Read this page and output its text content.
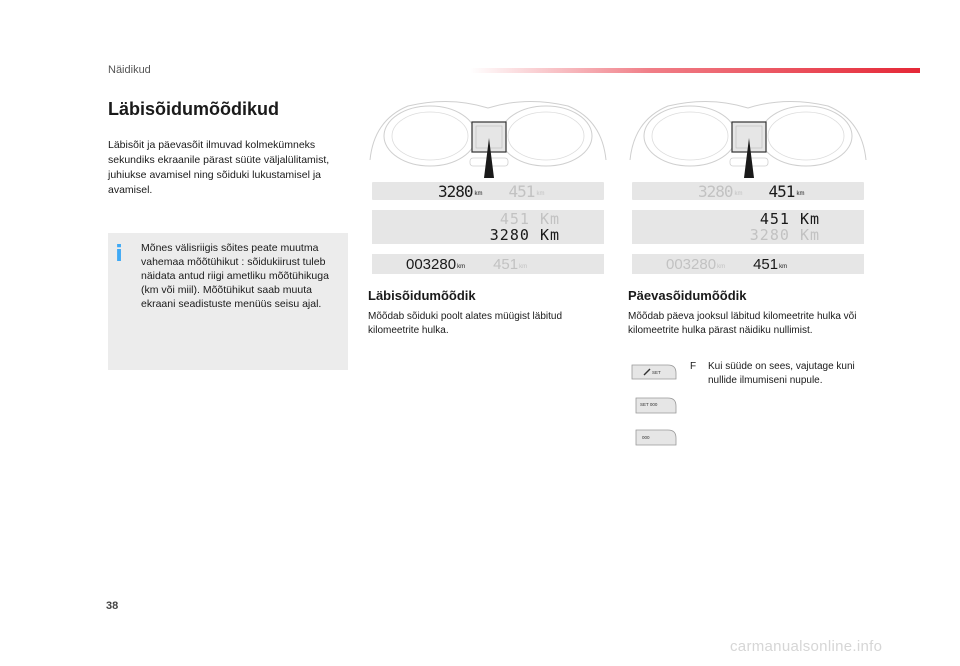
Näidikud
Läbisõidumõõdikud
Läbisõit ja päevasõit ilmuvad kolmekümneks sekundiks ekraanile pärast süüte väljalülitamist, juhiukse avamisel ning sõiduki lukustamisel ja avamisel.
i Mõnes välisriigis sõites peate muutma vahemaa mõõtühikut : sõidukiirust tuleb näidata antud riigi ametliku mõõtühikuga (km või miil). Mõõtühikut saab muuta ekraani seadistuste menüüs seisu ajal.
3280 km 451 km
451 Km
3280 Km
003280 km 451 km
Läbisõidumõõdik
Mõõdab sõiduki poolt alates müügist läbitud kilomeetrite hulka.
3280 km 451 km
451 Km
3280 Km
003280 km 451 km
Päevasõidumõõdik
Mõõdab päeva jooksul läbitud kilomeetrite hulka või kilomeetrite hulka pärast näidiku nullimist.
SET
SET 000
000
F Kui süüde on sees, vajutage kuni nullide ilmumiseni nupule.
38
carmanualsonline.info
